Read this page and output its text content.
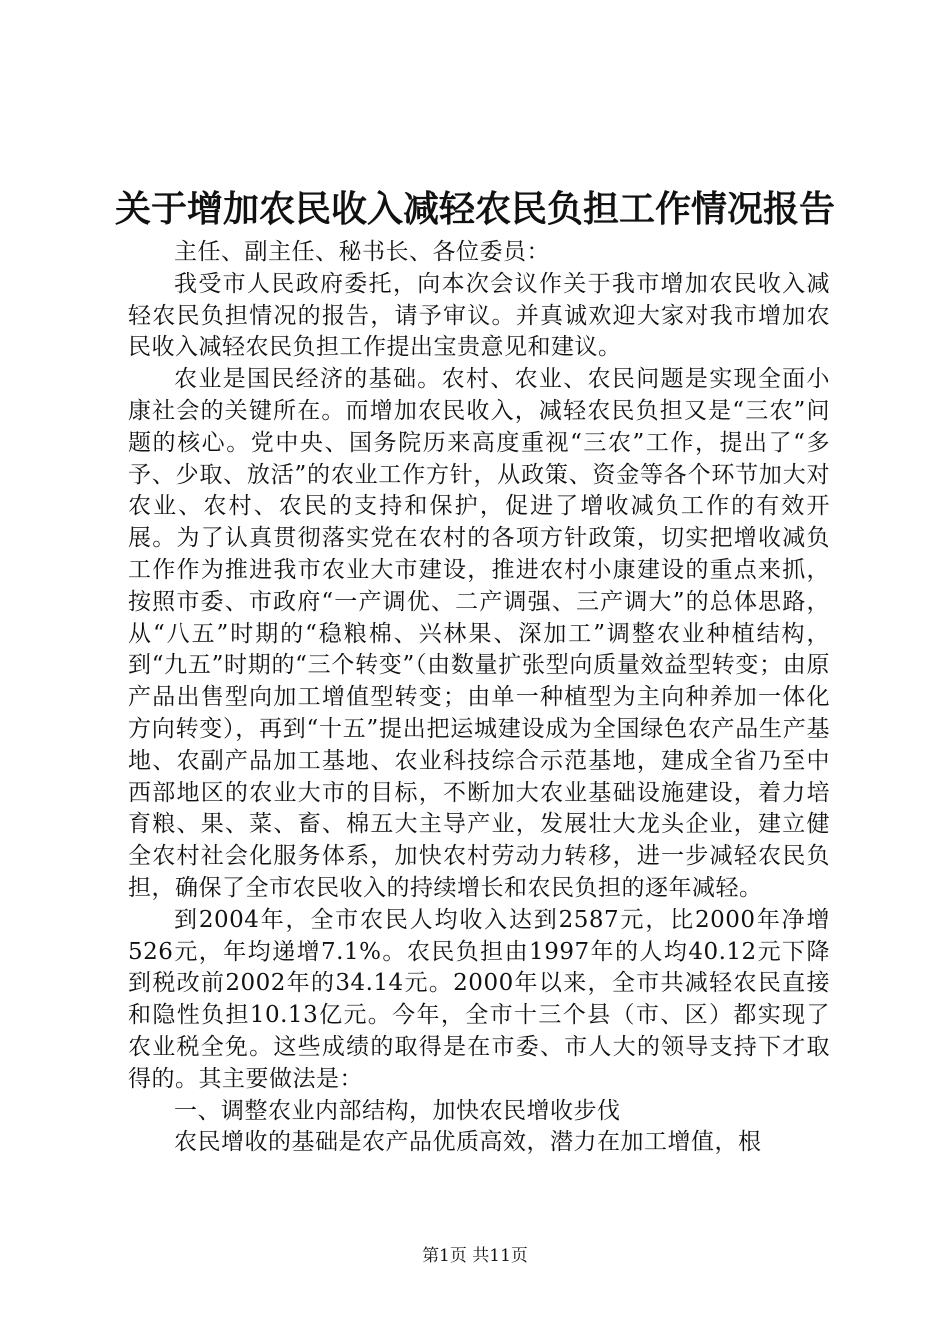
关于增加农民收入减轻农民负担工作情况报告

主任、副主任、秘书长、各位委员：

我受市人民政府委托，向本次会议作关于我市增加农民收入减轻农民负担情况的报告，请予审议。并真诚欢迎大家对我市增加农民收入减轻农民负担工作提出宝贵意见和建议。

农业是国民经济的基础。农村、农业、农民问题是实现全面小康社会的关键所在。而增加农民收入，减轻农民负担又是“三农”问题的核心。党中央、国务院历来高度重视“三农”工作，提出了“多予、少取、放活”的农业工作方针，从政策、资金等各个环节加大对农业、农村、农民的支持和保护，促进了增收减负工作的有效开展。为了认真贯彻落实党在农村的各项方针政策，切实把增收减负工作作为推进我市农业大市建设，推进农村小康建设的重点来抓，按照市委、市政府“一产调优、二产调强、三产调大”的总体思路，从“八五”时期的“稳粮棉、兴林果、深加工”调整农业种植结构，到“九五”时期的“三个转变”（由数量扩张型向质量效益型转变；由原产品出售型向加工增值型转变；由单一种植型为主向种养加一体化方向转变），再到“十五”提出把运城建设成为全国绿色农产品生产基地、农副产品加工基地、农业科技综合示范基地，建成全省乃至中西部地区的农业大市的目标，不断加大农业基础设施建设，着力培育粮、果、菜、畜、棉五大主导产业，发展壮大龙头企业，建立健全农村社会化服务体系，加快农村劳动力转移，进一步减轻农民负担，确保了全市农民收入的持续增长和农民负担的逐年减轻。

到2004年，全市农民人均收入达到2587元，比2000年净增526元，年均递增7.1%。农民负担由1997年的人均40.12元下降到税改前2002年的34.14元。2000年以来，全市共减轻农民直接和隐性负担10.13亿元。今年，全市十三个县（市、区）都实现了农业税全免。这些成绩的取得是在市委、市人大的领导支持下才取得的。其主要做法是：

一、调整农业内部结构，加快农民增收步伐

农民增收的基础是农产品优质高效，潜力在加工增值，根

第1页 共11页
